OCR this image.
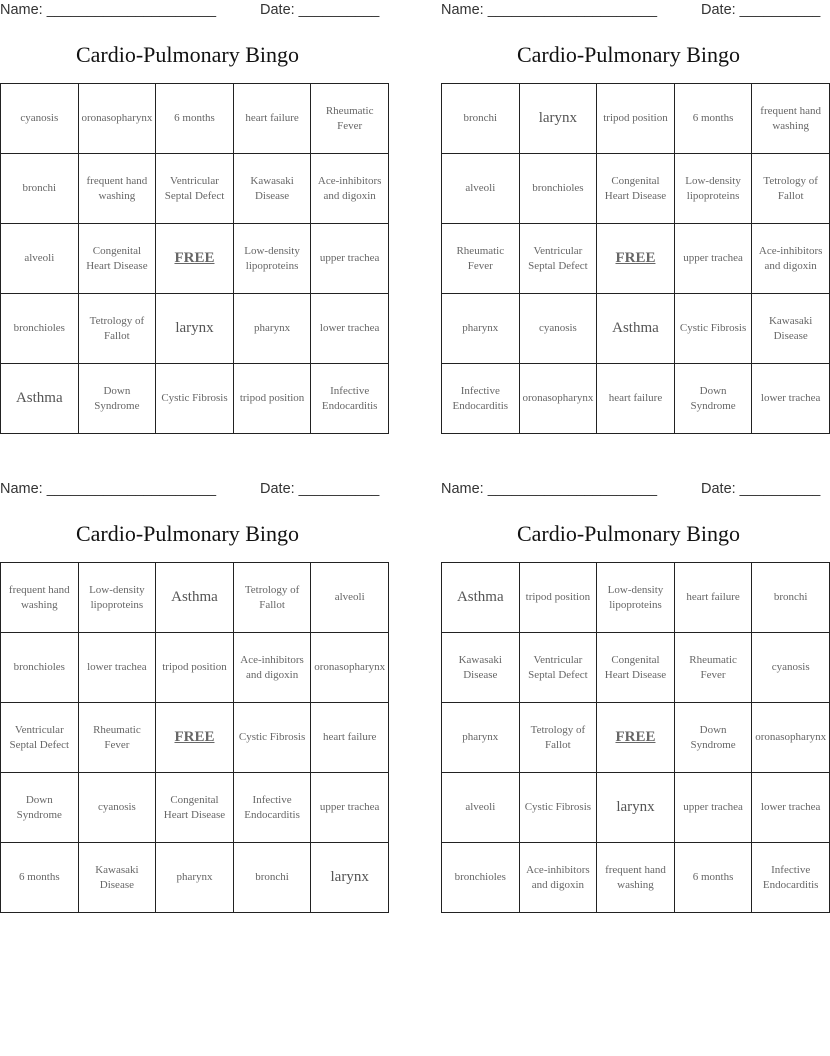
Name: _____________________	Date: __________
Cardio-Pulmonary Bingo
cyanosis	oronasopharynx	6 months	heart failure	Rheumatic Fever
bronchi	frequent hand washing	Ventricular Septal Defect	Kawasaki Disease	Ace-inhibitors and digoxin
alveoli	Congenital Heart Disease	FREE	Low-density lipoproteins	upper trachea
bronchioles	Tetrology of Fallot	larynx	pharynx	lower trachea
Asthma	Down Syndrome	Cystic Fibrosis	tripod position	Infective Endocarditis
Name: _____________________	Date: __________
Cardio-Pulmonary Bingo
bronchi	larynx	tripod position	6 months	frequent hand washing
alveoli	bronchioles	Congenital Heart Disease	Low-density lipoproteins	Tetrology of Fallot
Rheumatic Fever	Ventricular Septal Defect	FREE	upper trachea	Ace-inhibitors and digoxin
pharynx	cyanosis	Asthma	Cystic Fibrosis	Kawasaki Disease
Infective Endocarditis	oronasopharynx	heart failure	Down Syndrome	lower trachea
Name: _____________________	Date: __________
Cardio-Pulmonary Bingo
frequent hand washing	Low-density lipoproteins	Asthma	Tetrology of Fallot	alveoli
bronchioles	lower trachea	tripod position	Ace-inhibitors and digoxin	oronasopharynx
Ventricular Septal Defect	Rheumatic Fever	FREE	Cystic Fibrosis	heart failure
Down Syndrome	cyanosis	Congenital Heart Disease	Infective Endocarditis	upper trachea
6 months	Kawasaki Disease	pharynx	bronchi	larynx
Name: _____________________	Date: __________
Cardio-Pulmonary Bingo
Asthma	tripod position	Low-density lipoproteins	heart failure	bronchi
Kawasaki Disease	Ventricular Septal Defect	Congenital Heart Disease	Rheumatic Fever	cyanosis
pharynx	Tetrology of Fallot	FREE	Down Syndrome	oronasopharynx
alveoli	Cystic Fibrosis	larynx	upper trachea	lower trachea
bronchioles	Ace-inhibitors and digoxin	frequent hand washing	6 months	Infective Endocarditis
